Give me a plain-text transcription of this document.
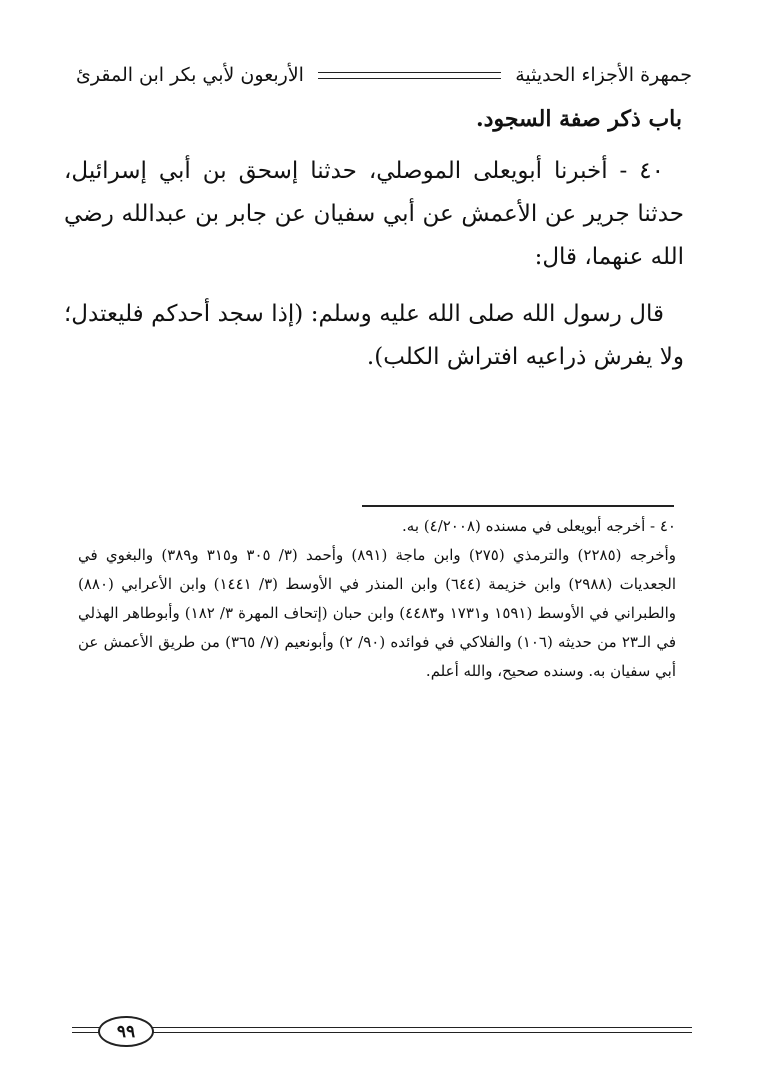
جمهرة الأجزاء الحديثية
الأربعون لأبي بكر ابن المقرئ
باب ذكر صفة السجود.

٤٠ - أخبرنا أبويعلى الموصلي، حدثنا إسحق بن أبي إسرائيل، حدثنا جرير عن الأعمش عن أبي سفيان عن جابر بن عبدالله رضي الله عنهما، قال:

قال رسول الله صلى الله عليه وسلم: (إذا سجد أحدكم فليعتدل؛ ولا يفرش ذراعيه افتراش الكلب).

٤٠ - أخرجه أبويعلى في مسنده (٤/٢٠٠٨) به.

وأخرجه (٢٢٨٥) والترمذي (٢٧٥) وابن ماجة (٨٩١) وأحمد (٣/ ٣٠٥ و٣١٥ و٣٨٩) والبغوي في الجعديات (٢٩٨٨) وابن خزيمة (٦٤٤) وابن المنذر في الأوسط (٣/ ١٤٤١) وابن الأعرابي (٨٨٠) والطبراني في الأوسط (١٥٩١ و١٧٣١ و٤٤٨٣) وابن حبان (إتحاف المهرة ٣/ ١٨٢) وأبوطاهر الهذلي في الـ٢٣ من حديثه (١٠٦) والفلاكي في فوائده (٩٠/ ٢) وأبونعيم (٧/ ٣٦٥) من طريق الأعمش عن أبي سفيان به. وسنده صحيح، والله أعلم.

٩٩
